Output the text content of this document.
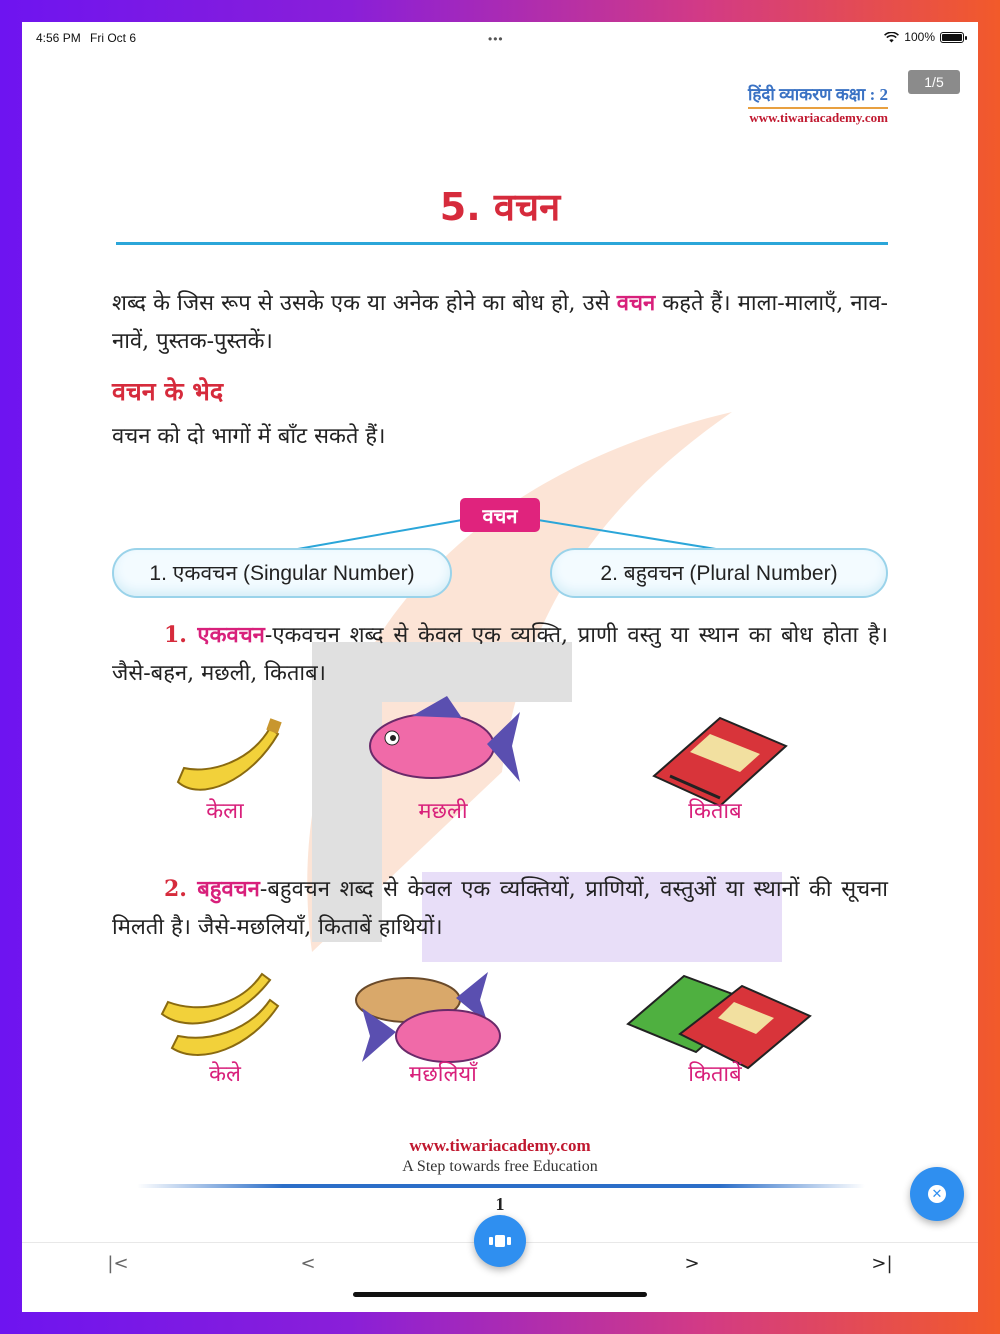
4:56 PM Fri Oct 6	•••	100%
1/5
हिंदी व्याकरण कक्षा : 2
www.tiwariacademy.com
5. वचन

शब्द के जिस रूप से उसके एक या अनेक होने का बोध हो, उसे वचन कहते हैं। माला-मालाएँ, नाव-नावें, पुस्तक-पुस्तकें।

वचन के भेद

वचन को दो भागों में बाँट सकते हैं।

वचन
1. एकवचन (Singular Number)	2. बहुवचन (Plural Number)

1. एकवचन-एकवचन शब्द से केवल एक व्यक्ति, प्राणी वस्तु या स्थान का बोध होता है। जैसे-बहन, मछली, किताब।

केला	मछली	किताब

2. बहुवचन-बहुवचन शब्द से केवल एक व्यक्तियों, प्राणियों, वस्तुओं या स्थानों की सूचना मिलती है। जैसे-मछलियाँ, किताबें हाथियों।

केले	मछलियाँ	किताबें
www.tiwariacademy.com
A Step towards free Education
1	✕
|<	<	>	>|
